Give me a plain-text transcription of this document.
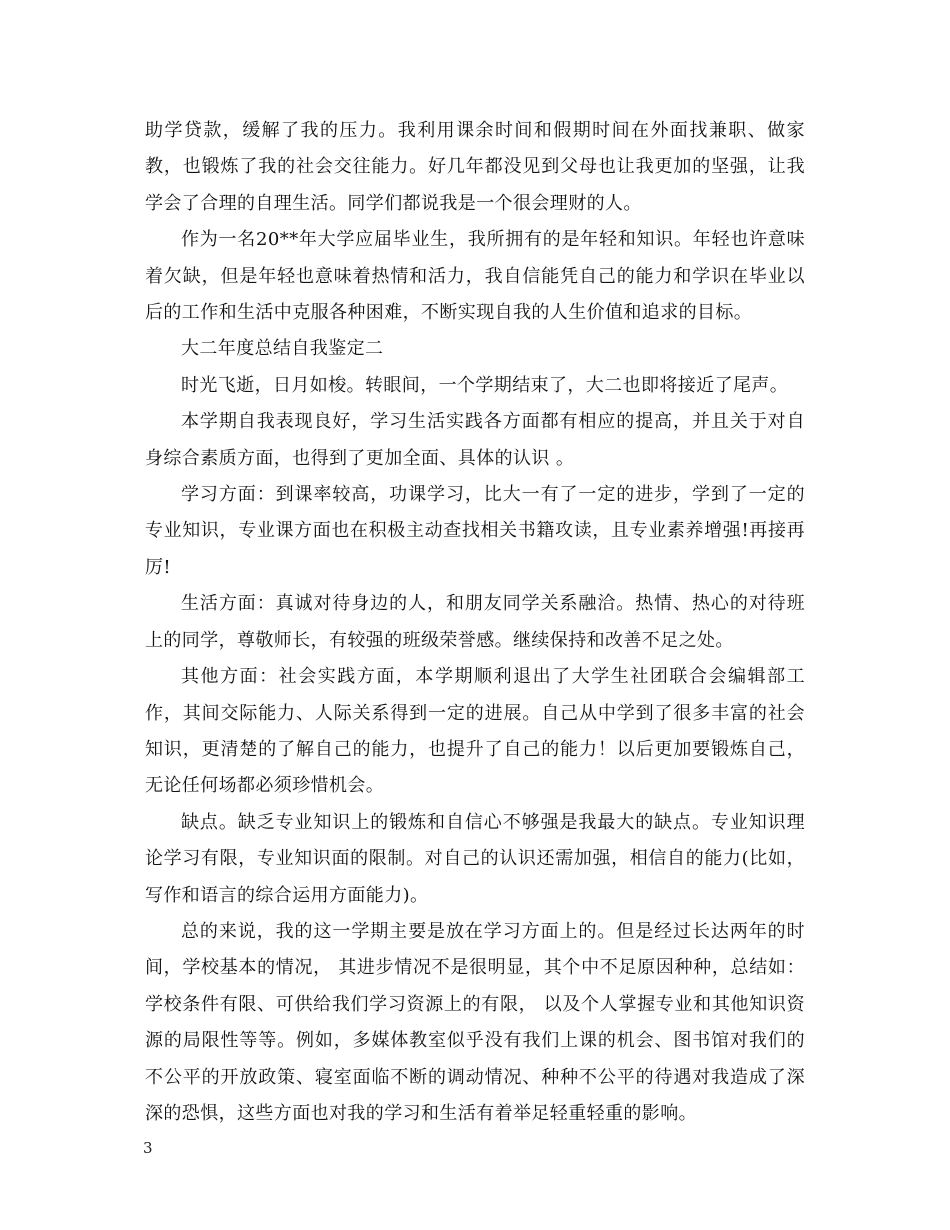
助学贷款，缓解了我的压力。我利用课余时间和假期时间在外面找兼职、做家教，也锻炼了我的社会交往能力。好几年都没见到父母也让我更加的坚强，让我学会了合理的自理生活。同学们都说我是一个很会理财的人。

作为一名20**年大学应届毕业生，我所拥有的是年轻和知识。年轻也许意味着欠缺，但是年轻也意味着热情和活力，我自信能凭自己的能力和学识在毕业以后的工作和生活中克服各种困难，不断实现自我的人生价值和追求的目标。

大二年度总结自我鉴定二

时光飞逝，日月如梭。转眼间，一个学期结束了，大二也即将接近了尾声。

本学期自我表现良好，学习生活实践各方面都有相应的提高，并且关于对自身综合素质方面，也得到了更加全面、具体的认识 。

学习方面：到课率较高，功课学习，比大一有了一定的进步，学到了一定的专业知识，专业课方面也在积极主动查找相关书籍攻读，且专业素养增强!再接再厉!

生活方面：真诚对待身边的人，和朋友同学关系融洽。热情、热心的对待班上的同学，尊敬师长，有较强的班级荣誉感。继续保持和改善不足之处。

其他方面：社会实践方面，本学期顺利退出了大学生社团联合会编辑部工作，其间交际能力、人际关系得到一定的进展。自己从中学到了很多丰富的社会知识，更清楚的了解自己的能力，也提升了自己的能力！以后更加要锻炼自己，无论任何场都必须珍惜机会。

缺点。缺乏专业知识上的锻炼和自信心不够强是我最大的缺点。专业知识理论学习有限，专业知识面的限制。对自己的认识还需加强，相信自的能力(比如，写作和语言的综合运用方面能力)。

总的来说，我的这一学期主要是放在学习方面上的。但是经过长达两年的时间，学校基本的情况， 其进步情况不是很明显，其个中不足原因种种，总结如：学校条件有限、可供给我们学习资源上的有限， 以及个人掌握专业和其他知识资源的局限性等等。例如，多媒体教室似乎没有我们上课的机会、图书馆对我们的不公平的开放政策、寝室面临不断的调动情况、种种不公平的待遇对我造成了深深的恐惧，这些方面也对我的学习和生活有着举足轻重轻重的影响。

3
